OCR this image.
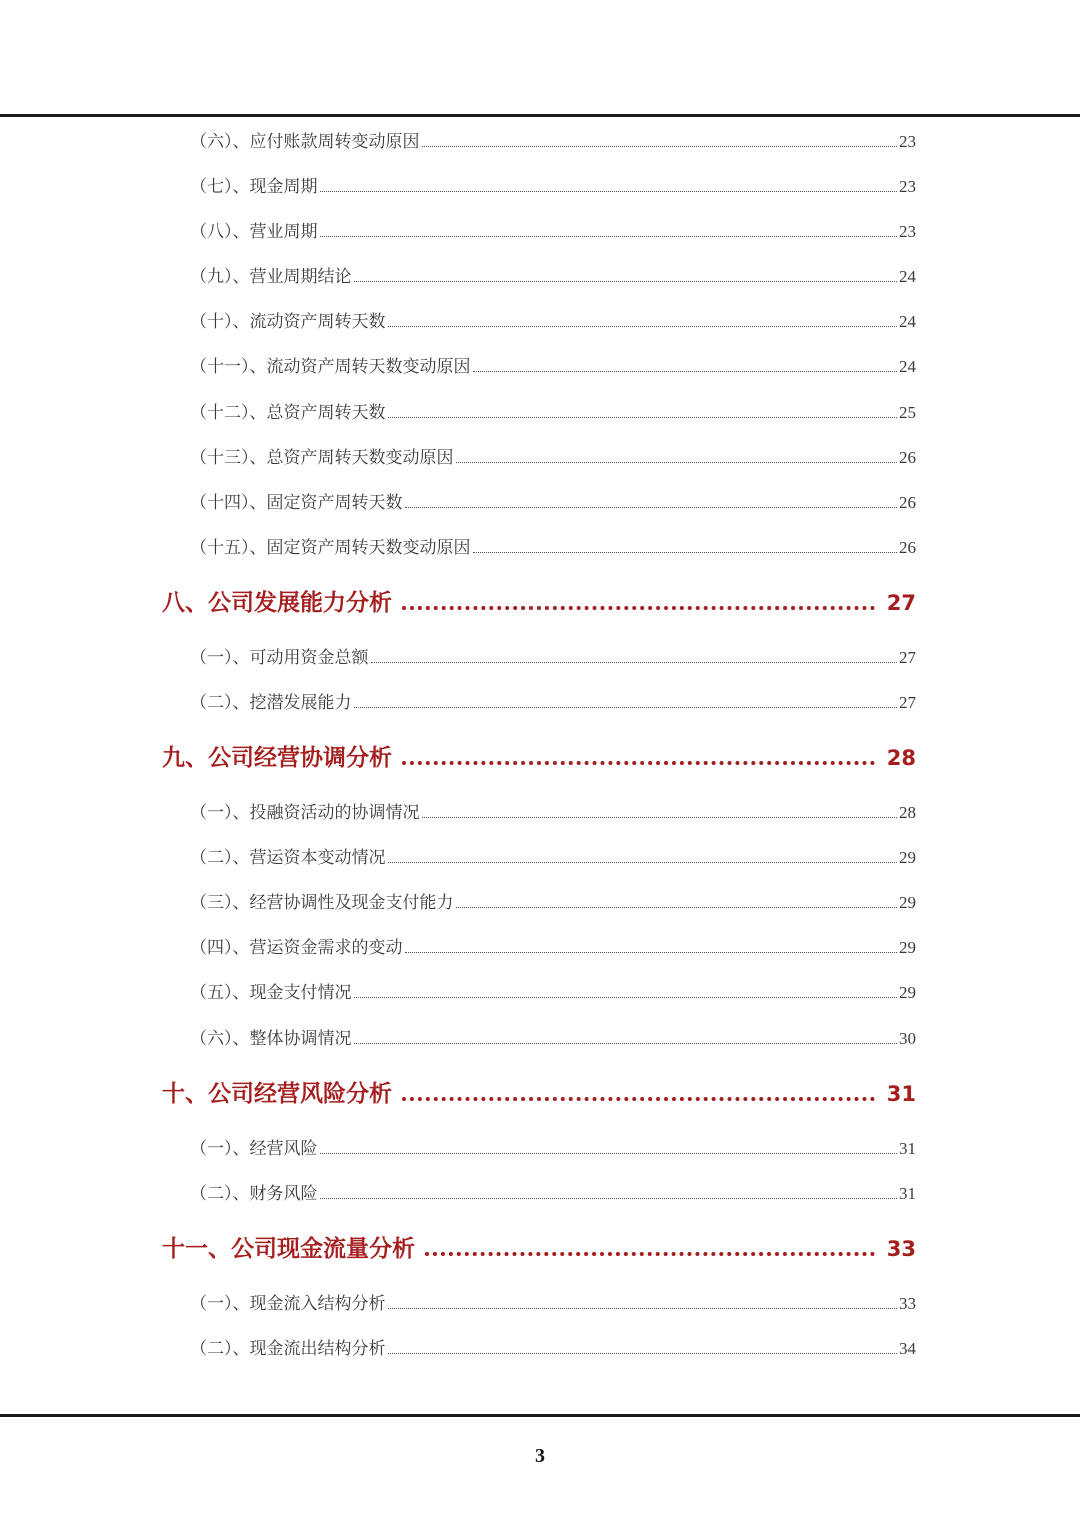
（六）、应付账款周转变动原因	23
（七）、现金周期	23
（八）、营业周期	23
（九）、营业周期结论	24
（十）、流动资产周转天数	24
（十一）、流动资产周转天数变动原因	24
（十二）、总资产周转天数	25
（十三）、总资产周转天数变动原因	26
（十四）、固定资产周转天数	26
（十五）、固定资产周转天数变动原因	26
八、公司发展能力分析	27
（一）、可动用资金总额	27
（二）、挖潜发展能力	27
九、公司经营协调分析	28
（一）、投融资活动的协调情况	28
（二）、营运资本变动情况	29
（三）、经营协调性及现金支付能力	29
（四）、营运资金需求的变动	29
（五）、现金支付情况	29
（六）、整体协调情况	30
十、公司经营风险分析	31
（一）、经营风险	31
（二）、财务风险	31
十一、公司现金流量分析	33
（一）、现金流入结构分析	33
（二）、现金流出结构分析	34
3
